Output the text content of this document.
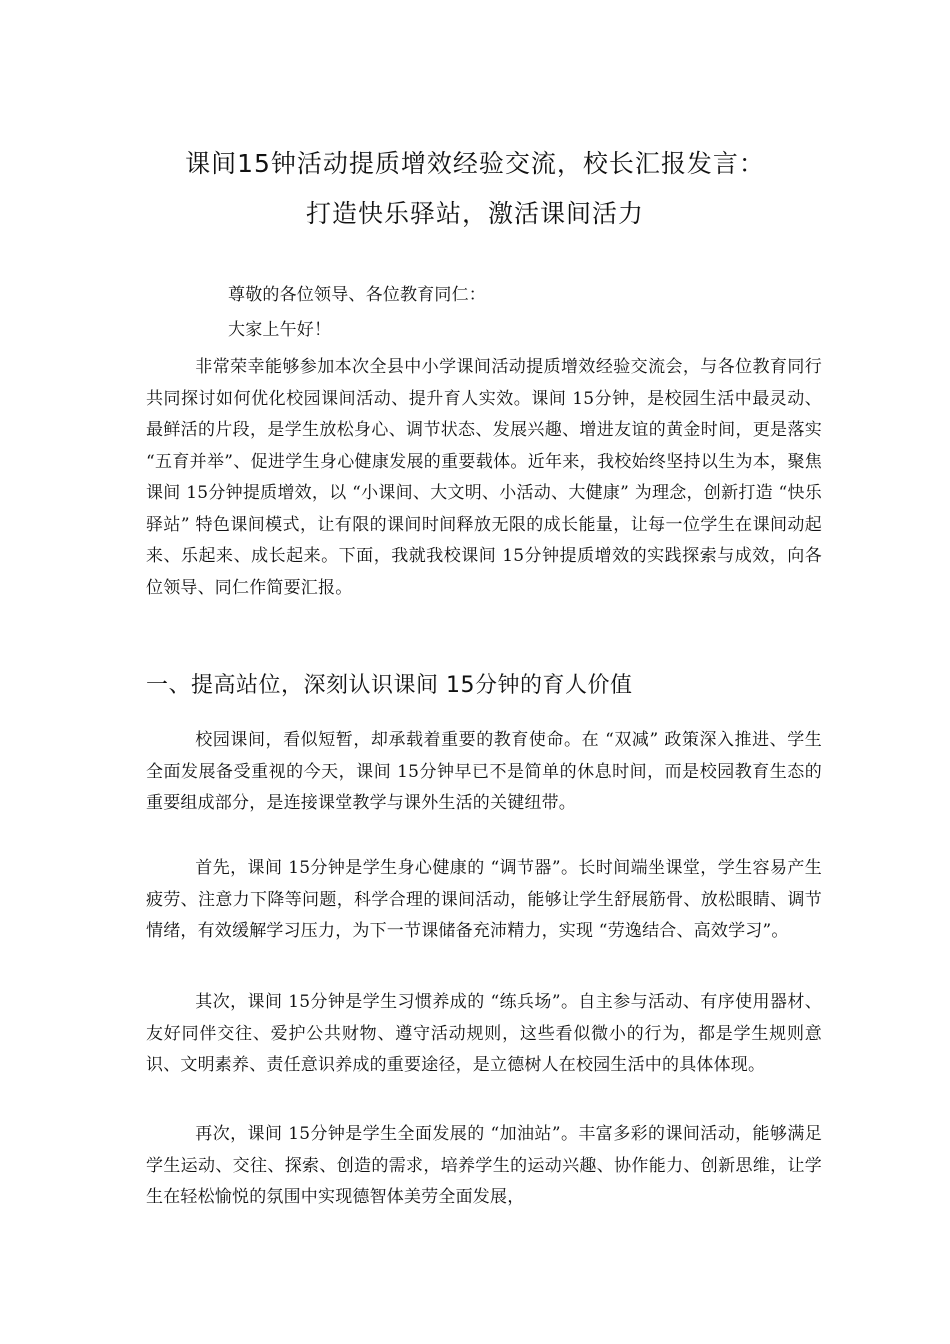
课间15钟活动提质增效经验交流，校长汇报发言：
打造快乐驿站，激活课间活力

尊敬的各位领导、各位教育同仁：

大家上午好！

非常荣幸能够参加本次全县中小学课间活动提质增效经验交流会，与各位教育同行共同探讨如何优化校园课间活动、提升育人实效。课间 15分钟，是校园生活中最灵动、最鲜活的片段，是学生放松身心、调节状态、发展兴趣、增进友谊的黄金时间，更是落实 “五育并举”、促进学生身心健康发展的重要载体。近年来，我校始终坚持以生为本，聚焦课间 15分钟提质增效，以 “小课间、大文明、小活动、大健康” 为理念，创新打造 “快乐驿站” 特色课间模式，让有限的课间时间释放无限的成长能量，让每一位学生在课间动起来、乐起来、成长起来。下面，我就我校课间 15分钟提质增效的实践探索与成效，向各位领导、同仁作简要汇报。

一、提高站位，深刻认识课间 15分钟的育人价值

校园课间，看似短暂，却承载着重要的教育使命。在 “双减” 政策深入推进、学生全面发展备受重视的今天，课间 15分钟早已不是简单的休息时间，而是校园教育生态的重要组成部分，是连接课堂教学与课外生活的关键纽带。

首先，课间 15分钟是学生身心健康的 “调节器”。长时间端坐课堂，学生容易产生疲劳、注意力下降等问题，科学合理的课间活动，能够让学生舒展筋骨、放松眼睛、调节情绪，有效缓解学习压力，为下一节课储备充沛精力，实现 “劳逸结合、高效学习”。

其次，课间 15分钟是学生习惯养成的 “练兵场”。自主参与活动、有序使用器材、友好同伴交往、爱护公共财物、遵守活动规则，这些看似微小的行为，都是学生规则意识、文明素养、责任意识养成的重要途径，是立德树人在校园生活中的具体体现。

再次，课间 15分钟是学生全面发展的 “加油站”。丰富多彩的课间活动，能够满足学生运动、交往、探索、创造的需求，培养学生的运动兴趣、协作能力、创新思维，让学生在轻松愉悦的氛围中实现德智体美劳全面发展，
